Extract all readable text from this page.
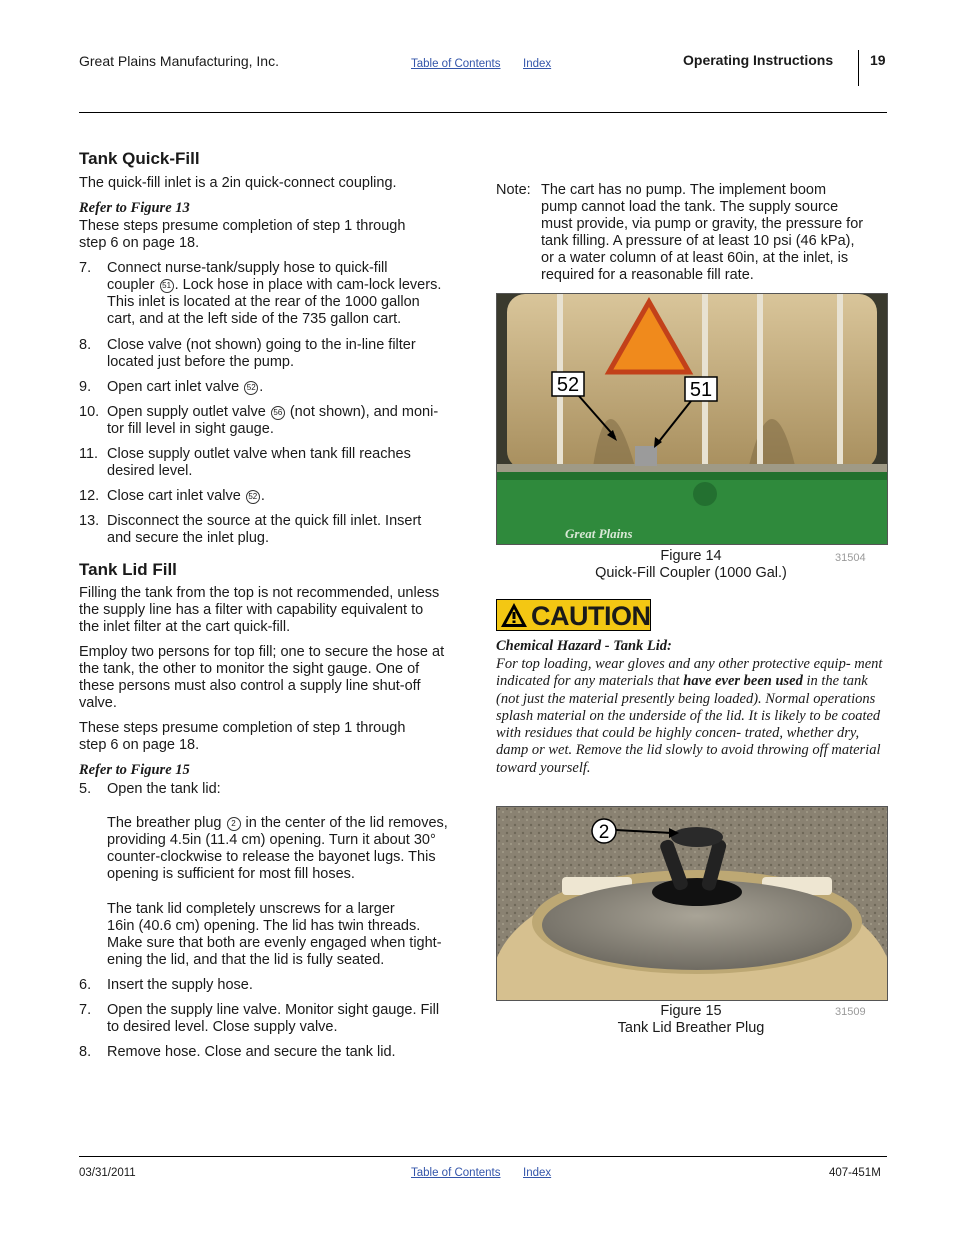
Great Plains Manufacturing, Inc.	Table of Contents Index	Operating Instructions	19
Tank Quick-Fill
The quick-fill inlet is a 2in quick-connect coupling.
Refer to Figure 13
These steps presume completion of step 1 through
step 6 on page 18.
7. Connect nurse-tank/supply hose to quick-fill
coupler 51 . Lock hose in place with cam-lock levers.
This inlet is located at the rear of the 1000 gallon
cart, and at the left side of the 735 gallon cart.
8. Close valve (not shown) going to the in-line filter
located just before the pump.
9. Open cart inlet valve 52 .
10. Open supply outlet valve 56 (not shown), and moni-
tor fill level in sight gauge.
11. Close supply outlet valve when tank fill reaches
desired level.
12. Close cart inlet valve 52 .
13. Disconnect the source at the quick fill inlet. Insert
and secure the inlet plug.
Tank Lid Fill
Filling the tank from the top is not recommended, unless
the supply line has a filter with capability equivalent to
the inlet filter at the cart quick-fill.
Employ two persons for top fill; one to secure the hose at
the tank, the other to monitor the sight gauge. One of
these persons must also control a supply line shut-off
valve.
These steps presume completion of step 1 through
step 6 on page 18.
Refer to Figure 15
5. Open the tank lid:
The breather plug 2 in the center of the lid removes,
providing 4.5in (11.4 cm) opening. Turn it about 30°
counter-clockwise to release the bayonet lugs. This
opening is sufficient for most fill hoses.
The tank lid completely unscrews for a larger
16in (40.6 cm) opening. The lid has twin threads.
Make sure that both are evenly engaged when tight-
ening the lid, and that the lid is fully seated.
6. Insert the supply hose.
7. Open the supply line valve. Monitor sight gauge. Fill
to desired level. Close supply valve.
8. Remove hose. Close and secure the tank lid.
Note: The cart has no pump. The implement boom
pump cannot load the tank. The supply source
must provide, via pump or gravity, the pressure for
tank filling. A pressure of at least 10 psi (46 kPa),
or a water column of at least 60in, at the inlet, is
required for a reasonable fill rate.
52	51
Great Plains
Figure 14
Quick-Fill Coupler (1000 Gal.)
31504
CAUTION
Chemical Hazard - Tank Lid:
For top loading, wear gloves and any other protective equip- ment indicated for any materials that have ever been used in the tank (not just the material presently being loaded). Normal operations splash material on the underside of the lid. It is likely to be coated with residues that could be highly concen- trated, whether dry, damp or wet. Remove the lid slowly to avoid throwing off material toward yourself.
2
Figure 15
Tank Lid Breather Plug
31509
03/31/2011	Table of Contents Index	407-451M
